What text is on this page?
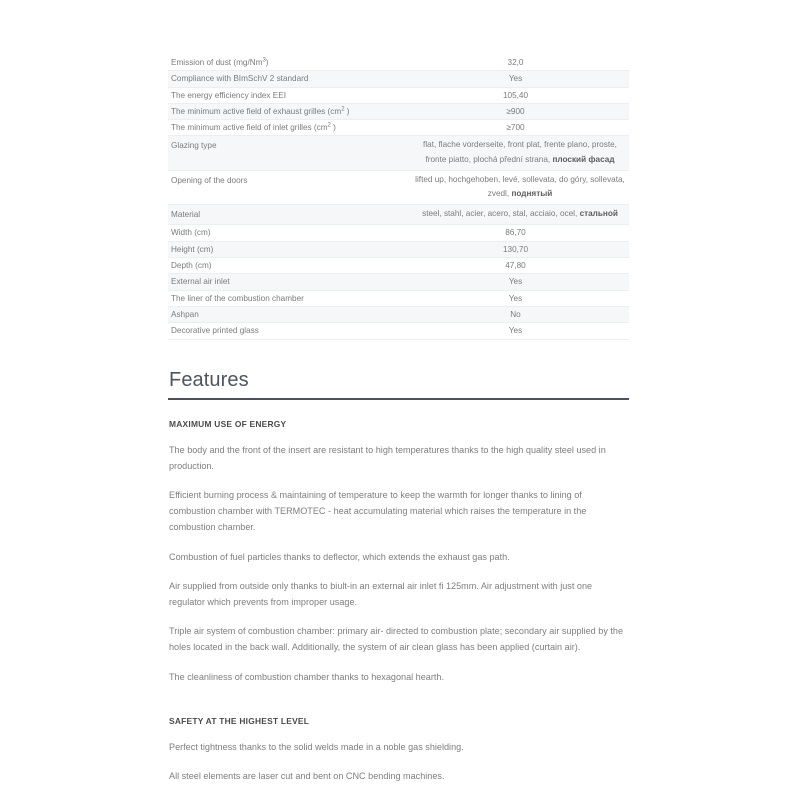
Emission of dust (mg/Nm$^3$)	32,0
Compliance with BImSchV 2 standard	Yes
The energy efficiency index EEI	105,40
The minimum active field of exhaust grilles ($cm^2$ )	≥900
The minimum active field of inlet grilles ($cm^2$ )	≥700
Glazing type	flat, flache vorderseite, front plat, frente plano, proste, fronte piatto, plochá přední strana, плоский фасад

Opening of the doors	lifted up, hochgehoben, levé, sollevata, do góry, sollevata, zvedl, поднятый

Material	steel, stahl, acier, acero, stal, acciaio, ocel, стальной

Width (cm)	86,70
Height (cm)	130,70
Depth (cm)	47,80
External air inlet	Yes
The liner of the combustion chamber	Yes
Ashpan	No
Decorative printed glass	Yes
Features
MAXIMUM USE OF ENERGY

The body and the front of the insert are resistant to high temperatures thanks to the high quality steel used in production.

Efficient burning process & maintaining of temperature to keep the warmth for longer thanks to lining of combustion chamber with TERMOTEC - heat accumulating material which raises the temperature in the combustion chamber.

Combustion of fuel particles thanks to deflector, which extends the exhaust gas path.

Air supplied from outside only thanks to biult-in an external air inlet fi 125mm. Air adjustment with just one regulator which prevents from improper usage.

Triple air system of combustion chamber: primary air- directed to combustion plate; secondary air supplied by the holes located in the back wall. Additionally, the system of air clean glass has been applied (curtain air).

The cleanliness of combustion chamber thanks to hexagonal hearth.

SAFETY AT THE HIGHEST LEVEL

Perfect tightness thanks to the solid welds made in a noble gas shielding.

All steel elements are laser cut and bent on CNC bending machines.
